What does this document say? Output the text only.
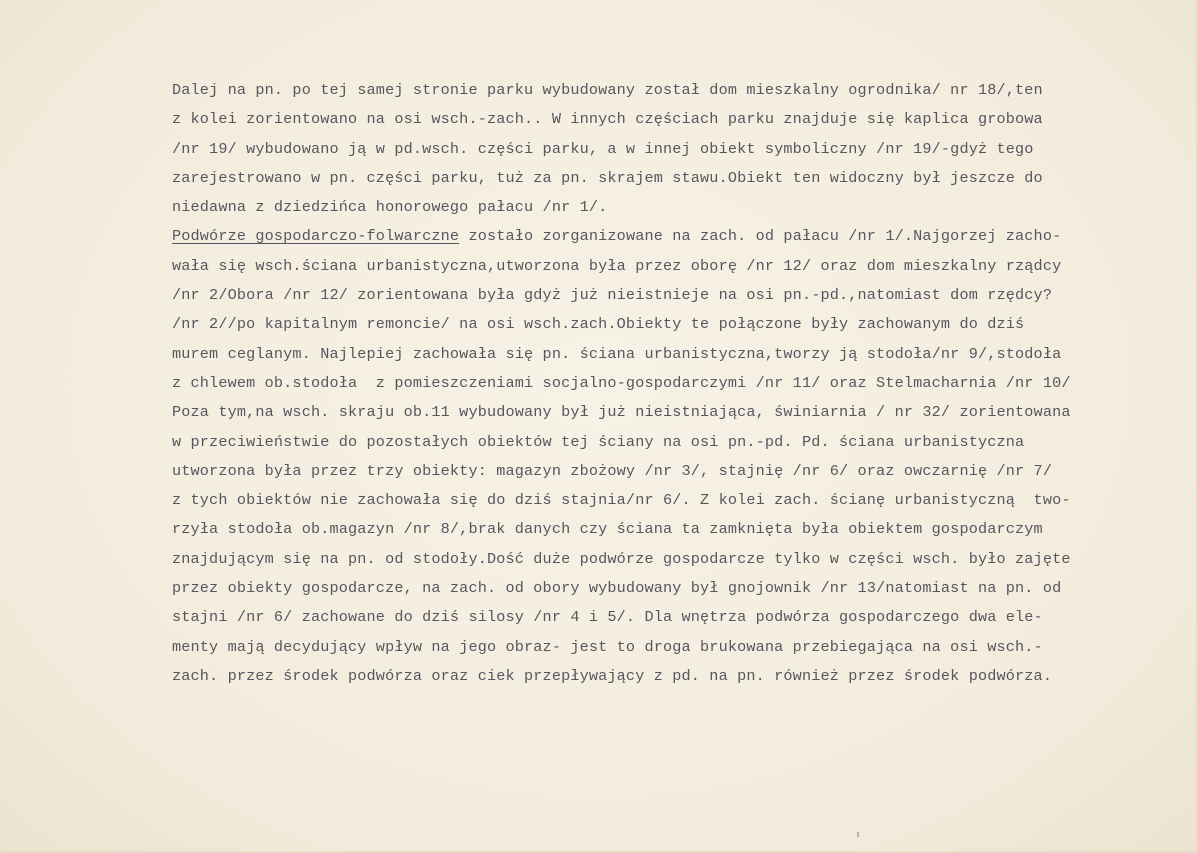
Dalej na pn. po tej samej stronie parku wybudowany został dom mieszkalny ogrodnika/ nr 18/,ten
z kolei zorientowano na osi wsch.-zach.. W innych częściach parku znajduje się kaplica grobowa
/nr 19/ wybudowano ją w pd.wsch. części parku, a w innej obiekt symboliczny /nr 19/-gdyż tego
zarejestrowano w pn. części parku, tuż za pn. skrajem stawu.Obiekt ten widoczny był jeszcze do
niedawna z dziedzińca honorowego pałacu /nr 1/.
Podwórze gospodarczo-folwarczne zostało zorganizowane na zach. od pałacu /nr 1/.Najgorzej zacho-
wała się wsch.ściana urbanistyczna,utworzona była przez oborę /nr 12/ oraz dom mieszkalny rządcy
/nr 2/Obora /nr 12/ zorientowana była gdyż już nieistnieje na osi pn.-pd.,natomiast dom rzędcy?
/nr 2//po kapitalnym remoncie/ na osi wsch.zach.Obiekty te połączone były zachowanym do dziś
murem ceglanym. Najlepiej zachowała się pn. ściana urbanistyczna,tworzy ją stodoła/nr 9/,stodoła
z chlewem ob.stodoła  z pomieszczeniami socjalno-gospodarczymi /nr 11/ oraz Stelmacharnia /nr 10/
Poza tym,na wsch. skraju ob.11 wybudowany był już nieistniająca, świniarnia / nr 32/ zorientowana
w przeciwieństwie do pozostałych obiektów tej ściany na osi pn.-pd. Pd. ściana urbanistyczna
utworzona była przez trzy obiekty: magazyn zbożowy /nr 3/, stajnię /nr 6/ oraz owczarnię /nr 7/
z tych obiektów nie zachowała się do dziś stajnia/nr 6/. Z kolei zach. ścianę urbanistyczną  two-
rzyła stodoła ob.magazyn /nr 8/,brak danych czy ściana ta zamknięta była obiektem gospodarczym
znajdującym się na pn. od stodoły.Dość duże podwórze gospodarcze tylko w części wsch. było zajęte
przez obiekty gospodarcze, na zach. od obory wybudowany był gnojownik /nr 13/natomiast na pn. od
stajni /nr 6/ zachowane do dziś silosy /nr 4 i 5/. Dla wnętrza podwórza gospodarczego dwa ele-
menty mają decydujący wpływ na jego obraz- jest to droga brukowana przebiegająca na osi wsch.-
zach. przez środek podwórza oraz ciek przepływający z pd. na pn. również przez środek podwórza.
